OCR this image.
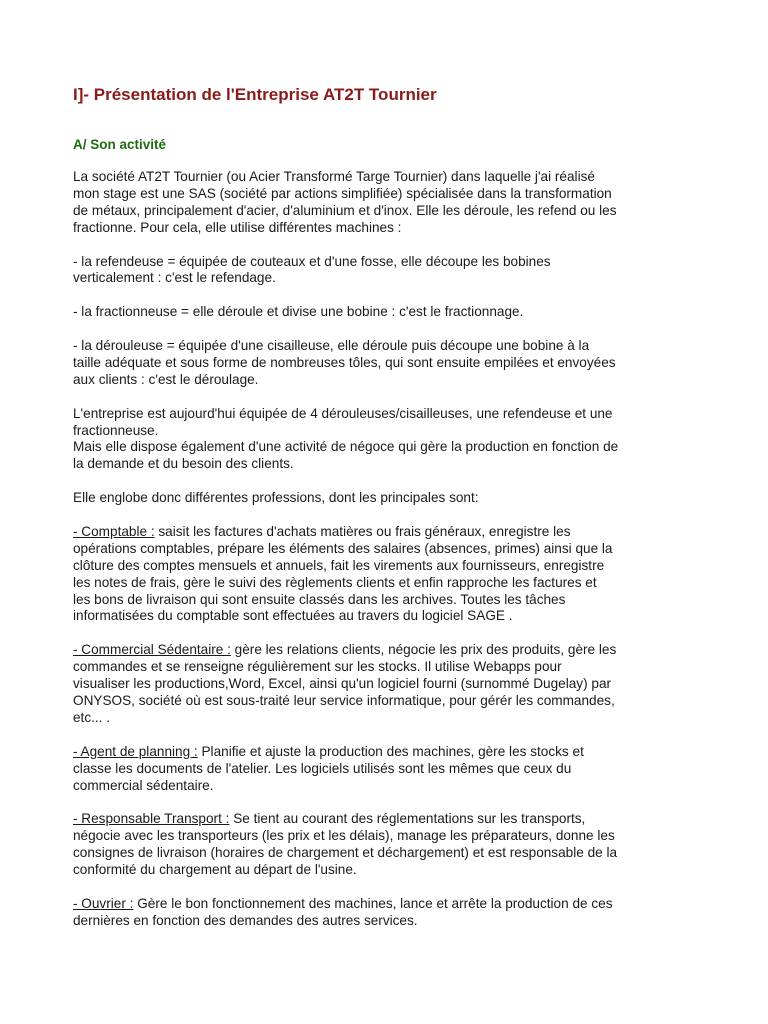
I]- Présentation de l'Entreprise AT2T Tournier
A/ Son activité

La société AT2T Tournier (ou Acier Transformé Targe Tournier) dans laquelle j'ai réalisé
mon stage est une SAS (société par actions simplifiée) spécialisée dans la transformation
de métaux, principalement d'acier, d'aluminium et d'inox. Elle les déroule, les refend ou les
fractionne. Pour cela, elle utilise différentes machines :

- la refendeuse = équipée de couteaux et d'une fosse, elle découpe les bobines
verticalement : c'est le refendage.

- la fractionneuse = elle déroule et divise une bobine : c'est le fractionnage.

- la dérouleuse = équipée d'une cisailleuse, elle déroule puis découpe une bobine à la
taille adéquate et sous forme de nombreuses tôles, qui sont ensuite empilées et envoyées
aux clients : c'est le déroulage.

L'entreprise est aujourd'hui équipée de 4 dérouleuses/cisailleuses, une refendeuse et une
fractionneuse.

Mais elle dispose également d'une activité de négoce qui gère la production en fonction de
la demande et du besoin des clients.

Elle englobe donc différentes professions, dont les principales sont:

- Comptable : saisit les factures d'achats matières ou frais généraux, enregistre les
opérations comptables, prépare les éléments des salaires (absences, primes) ainsi que la
clôture des comptes mensuels et annuels, fait les virements aux fournisseurs, enregistre
les notes de frais, gère le suivi des règlements clients et enfin rapproche les factures et
les bons de livraison qui sont ensuite classés dans les archives. Toutes les tâches
informatisées du comptable sont effectuées au travers du logiciel SAGE .

- Commercial Sédentaire : gère les relations clients, négocie les prix des produits, gère les
commandes et se renseigne régulièrement sur les stocks. Il utilise Webapps pour
visualiser les productions,Word, Excel, ainsi qu'un logiciel fourni (surnommé Dugelay) par
ONYSOS, société où est sous-traité leur service informatique, pour gérér les commandes,
etc... .

- Agent de planning : Planifie et ajuste la production des machines, gère les stocks et
classe les documents de l'atelier. Les logiciels utilisés sont les mêmes que ceux du
commercial sédentaire.

- Responsable Transport : Se tient au courant des réglementations sur les transports,
négocie avec les transporteurs (les prix et les délais), manage les préparateurs, donne les
consignes de livraison (horaires de chargement et déchargement) et est responsable de la
conformité du chargement au départ de l'usine.

- Ouvrier : Gère le bon fonctionnement des machines, lance et arrête la production de ces
dernières en fonction des demandes des autres services.
